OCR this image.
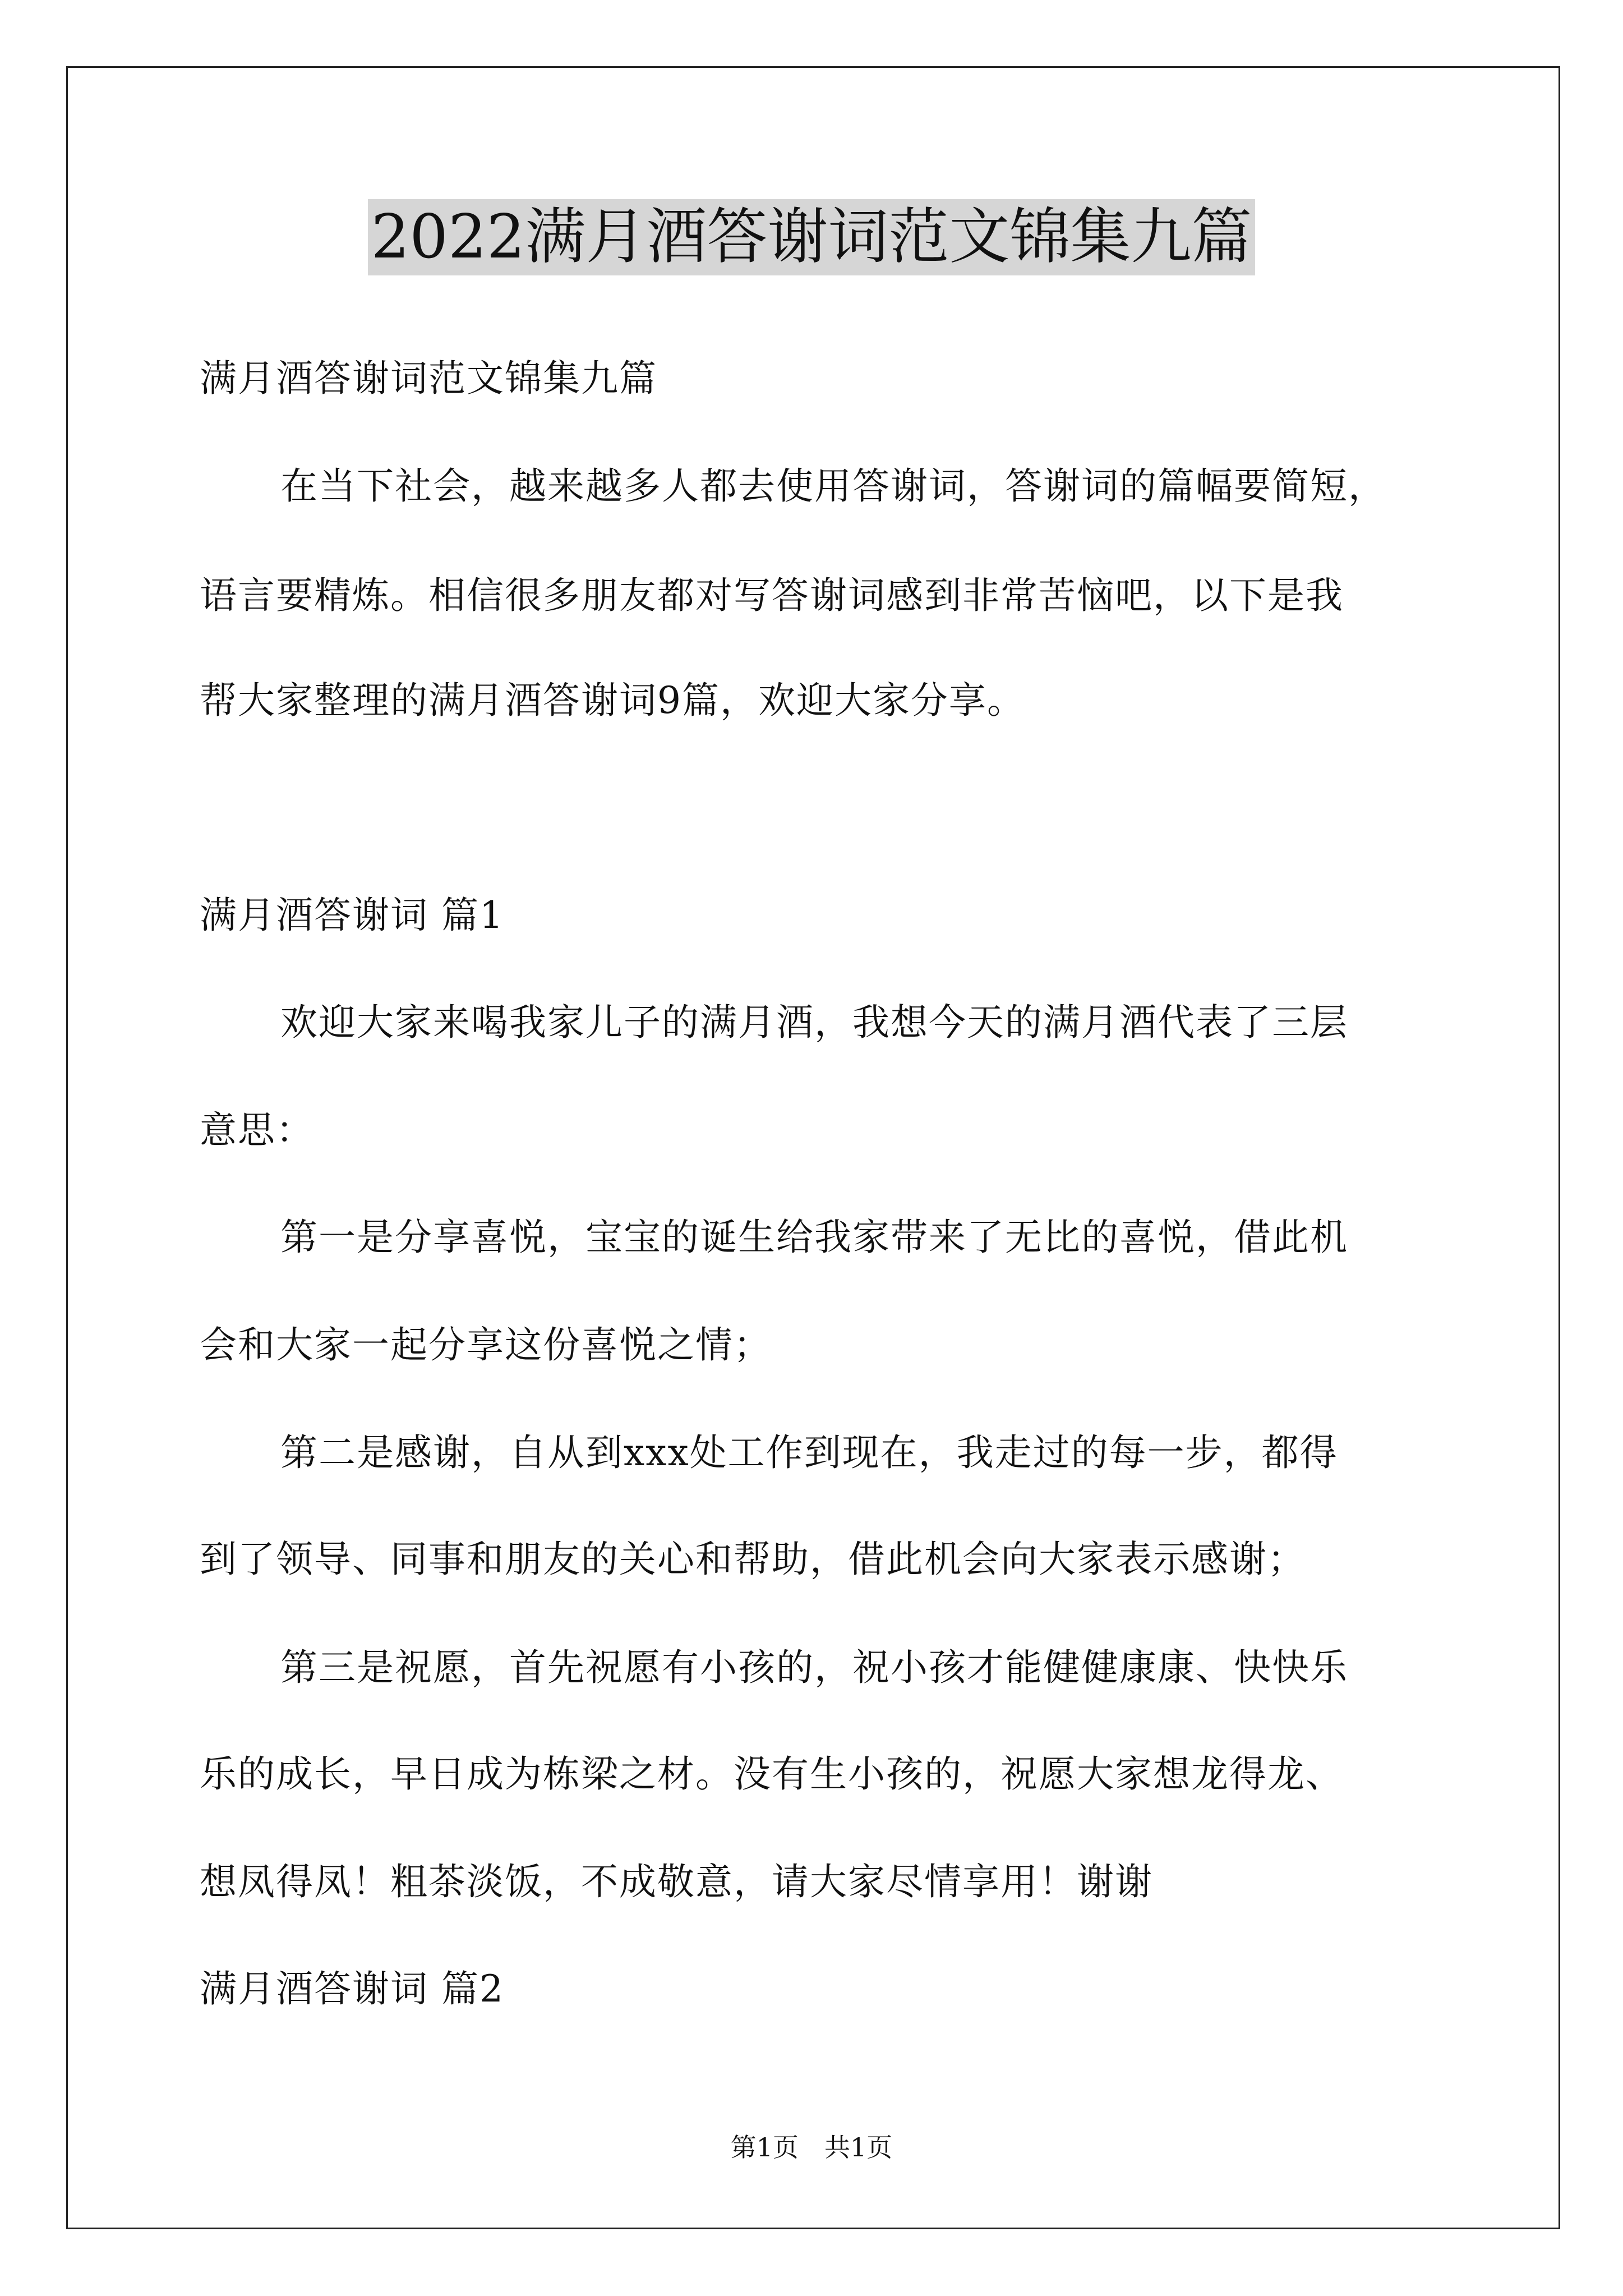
2022满月酒答谢词范文锦集九篇
满月酒答谢词范文锦集九篇
在当下社会，越来越多人都去使用答谢词，答谢词的篇幅要简短，
语言要精炼。相信很多朋友都对写答谢词感到非常苦恼吧，以下是我
帮大家整理的满月酒答谢词9篇，欢迎大家分享。
满月酒答谢词 篇1
欢迎大家来喝我家儿子的满月酒，我想今天的满月酒代表了三层
意思：
第一是分享喜悦，宝宝的诞生给我家带来了无比的喜悦，借此机
会和大家一起分享这份喜悦之情；
第二是感谢，自从到xxx处工作到现在，我走过的每一步，都得
到了领导、同事和朋友的关心和帮助，借此机会向大家表示感谢；
第三是祝愿，首先祝愿有小孩的，祝小孩才能健健康康、快快乐
乐的成长，早日成为栋梁之材。没有生小孩的，祝愿大家想龙得龙、
想凤得凤！粗茶淡饭，不成敬意，请大家尽情享用！谢谢
满月酒答谢词 篇2
第1页　共1页
